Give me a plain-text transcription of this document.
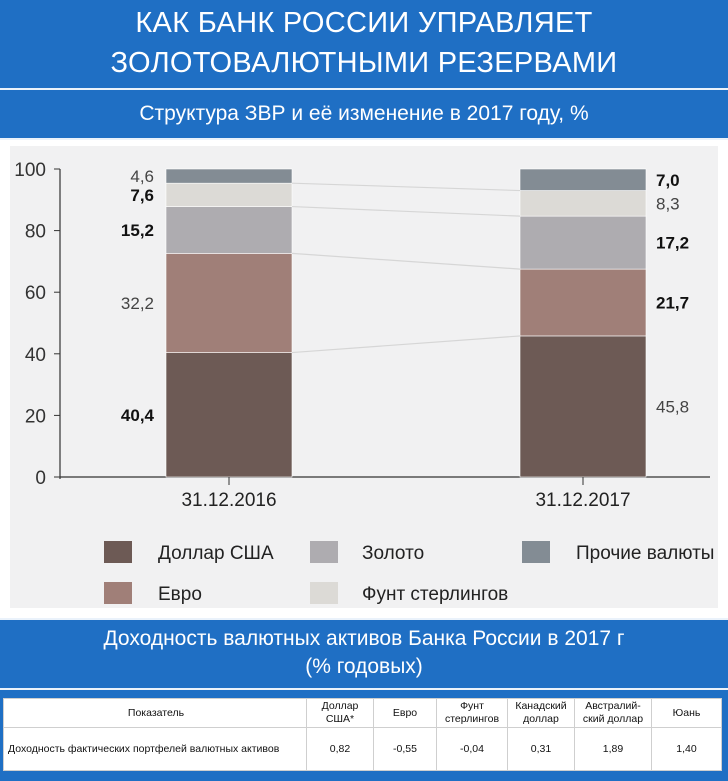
КАК БАНК РОССИИ УПРАВЛЯЕТ
ЗОЛОТОВАЛЮТНЫМИ РЕЗЕРВАМИ
Структура ЗВР и её изменение в 2017 году, %
0
20
40
60
80
100
31.12.2016	31.12.2017
40,4
32,2
15,2
7,6
4,6
45,8
21,7
17,2
8,3
7,0
Доллар США	Золото	Прочие валюты
Евро	Фунт стерлингов
Доходность валютных активов Банка России в 2017 г
(% годовых)
Показатель	Доллар США*	Евро	Фунт стерлингов	Канадский доллар	Австралий-ский доллар	Юань
Доходность фактических портфелей валютных активов	0,82	-0,55	-0,04	0,31	1,89	1,40
